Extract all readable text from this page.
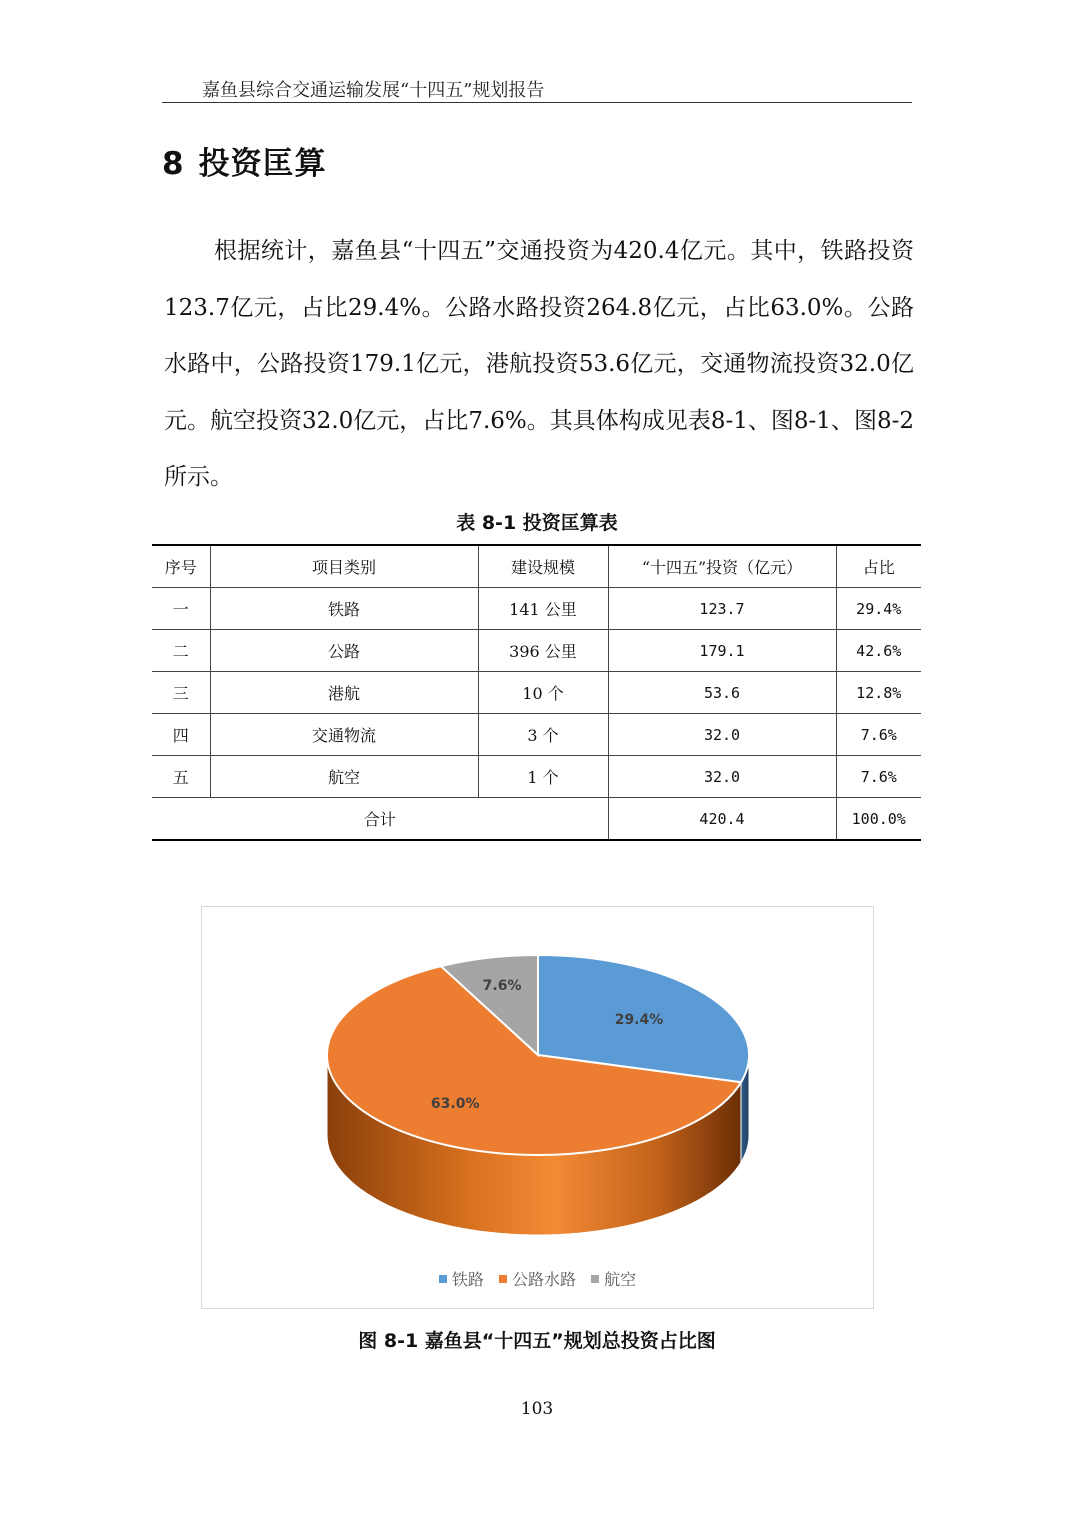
嘉鱼县综合交通运输发展“十四五”规划报告
8 投资匡算
根据统计，嘉鱼县“十四五”交通投资为420.4亿元。其中，铁路投资123.7亿元，占比29.4%。公路水路投资264.8亿元，占比63.0%。公路水路中，公路投资179.1亿元，港航投资53.6亿元，交通物流投资32.0亿元。航空投资32.0亿元，占比7.6%。其具体构成见表8-1、图8-1、图8-2所示。
表 8-1 投资匡算表
序号	项目类别	建设规模	“十四五”投资（亿元）	占比
一	铁路	141 公里	123.7	29.4%
二	公路	396 公里	179.1	42.6%
三	港航	10 个	53.6	12.8%
四	交通物流	3 个	32.0	7.6%
五	航空	1 个	32.0	7.6%
合计			420.4	100.0%
29.4%
63.0%
7.6%
铁路 公路水路 航空
图 8-1 嘉鱼县“十四五”规划总投资占比图
103
